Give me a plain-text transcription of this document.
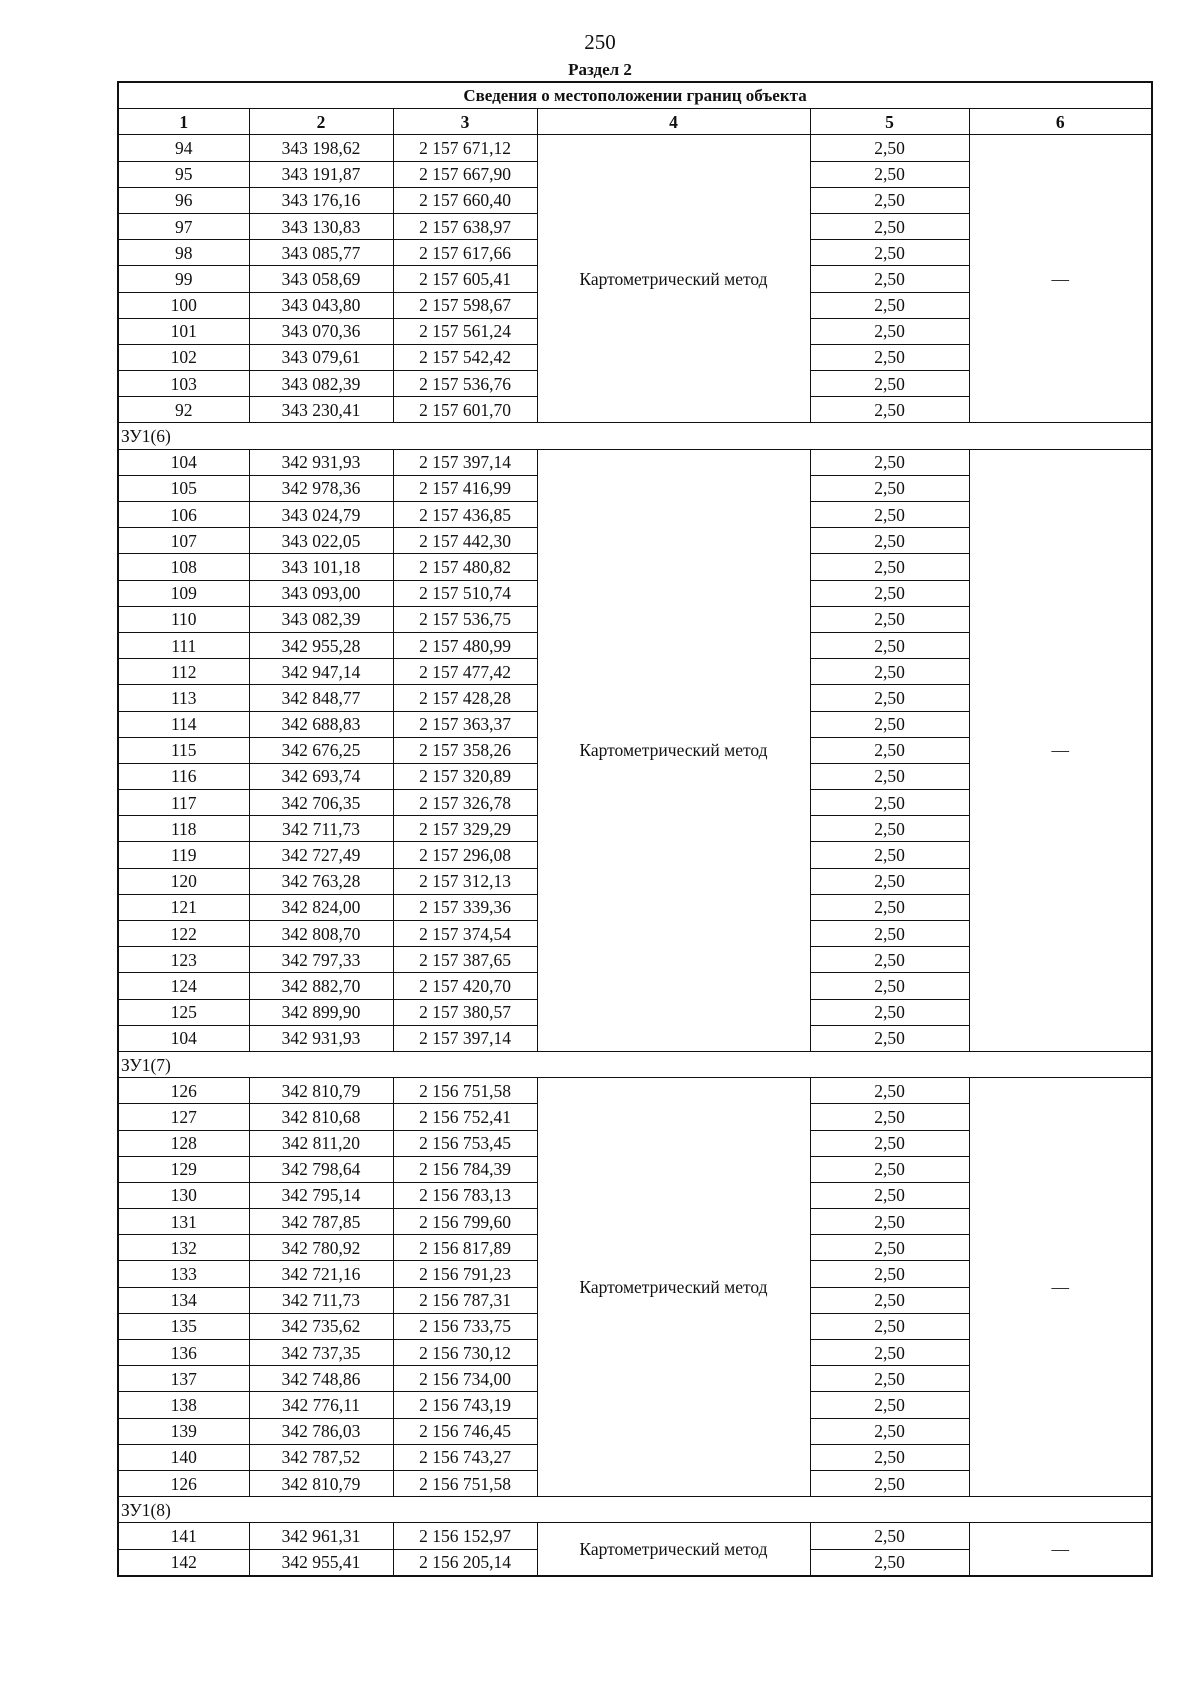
250
Раздел 2
Сведения о местоположении границ объекта					
1	2	3	4	5	6
94	343 198,62	2 157 671,12	Картометрический метод	2,50	—
95	343 191,87	2 157 667,90		2,50	
96	343 176,16	2 157 660,40		2,50	
97	343 130,83	2 157 638,97		2,50	
98	343 085,77	2 157 617,66		2,50	
99	343 058,69	2 157 605,41		2,50	
100	343 043,80	2 157 598,67		2,50	
101	343 070,36	2 157 561,24		2,50	
102	343 079,61	2 157 542,42		2,50	
103	343 082,39	2 157 536,76		2,50	
92	343 230,41	2 157 601,70		2,50	
ЗУ1(6)					
104	342 931,93	2 157 397,14	Картометрический метод	2,50	—
105	342 978,36	2 157 416,99		2,50	
106	343 024,79	2 157 436,85		2,50	
107	343 022,05	2 157 442,30		2,50	
108	343 101,18	2 157 480,82		2,50	
109	343 093,00	2 157 510,74		2,50	
110	343 082,39	2 157 536,75		2,50	
111	342 955,28	2 157 480,99		2,50	
112	342 947,14	2 157 477,42		2,50	
113	342 848,77	2 157 428,28		2,50	
114	342 688,83	2 157 363,37		2,50	
115	342 676,25	2 157 358,26		2,50	
116	342 693,74	2 157 320,89		2,50	
117	342 706,35	2 157 326,78		2,50	
118	342 711,73	2 157 329,29		2,50	
119	342 727,49	2 157 296,08		2,50	
120	342 763,28	2 157 312,13		2,50	
121	342 824,00	2 157 339,36		2,50	
122	342 808,70	2 157 374,54		2,50	
123	342 797,33	2 157 387,65		2,50	
124	342 882,70	2 157 420,70		2,50	
125	342 899,90	2 157 380,57		2,50	
104	342 931,93	2 157 397,14		2,50	
ЗУ1(7)					
126	342 810,79	2 156 751,58	Картометрический метод	2,50	—
127	342 810,68	2 156 752,41		2,50	
128	342 811,20	2 156 753,45		2,50	
129	342 798,64	2 156 784,39		2,50	
130	342 795,14	2 156 783,13		2,50	
131	342 787,85	2 156 799,60		2,50	
132	342 780,92	2 156 817,89		2,50	
133	342 721,16	2 156 791,23		2,50	
134	342 711,73	2 156 787,31		2,50	
135	342 735,62	2 156 733,75		2,50	
136	342 737,35	2 156 730,12		2,50	
137	342 748,86	2 156 734,00		2,50	
138	342 776,11	2 156 743,19		2,50	
139	342 786,03	2 156 746,45		2,50	
140	342 787,52	2 156 743,27		2,50	
126	342 810,79	2 156 751,58		2,50	
ЗУ1(8)					
141	342 961,31	2 156 152,97	Картометрический метод	2,50	—
142	342 955,41	2 156 205,14		2,50	
